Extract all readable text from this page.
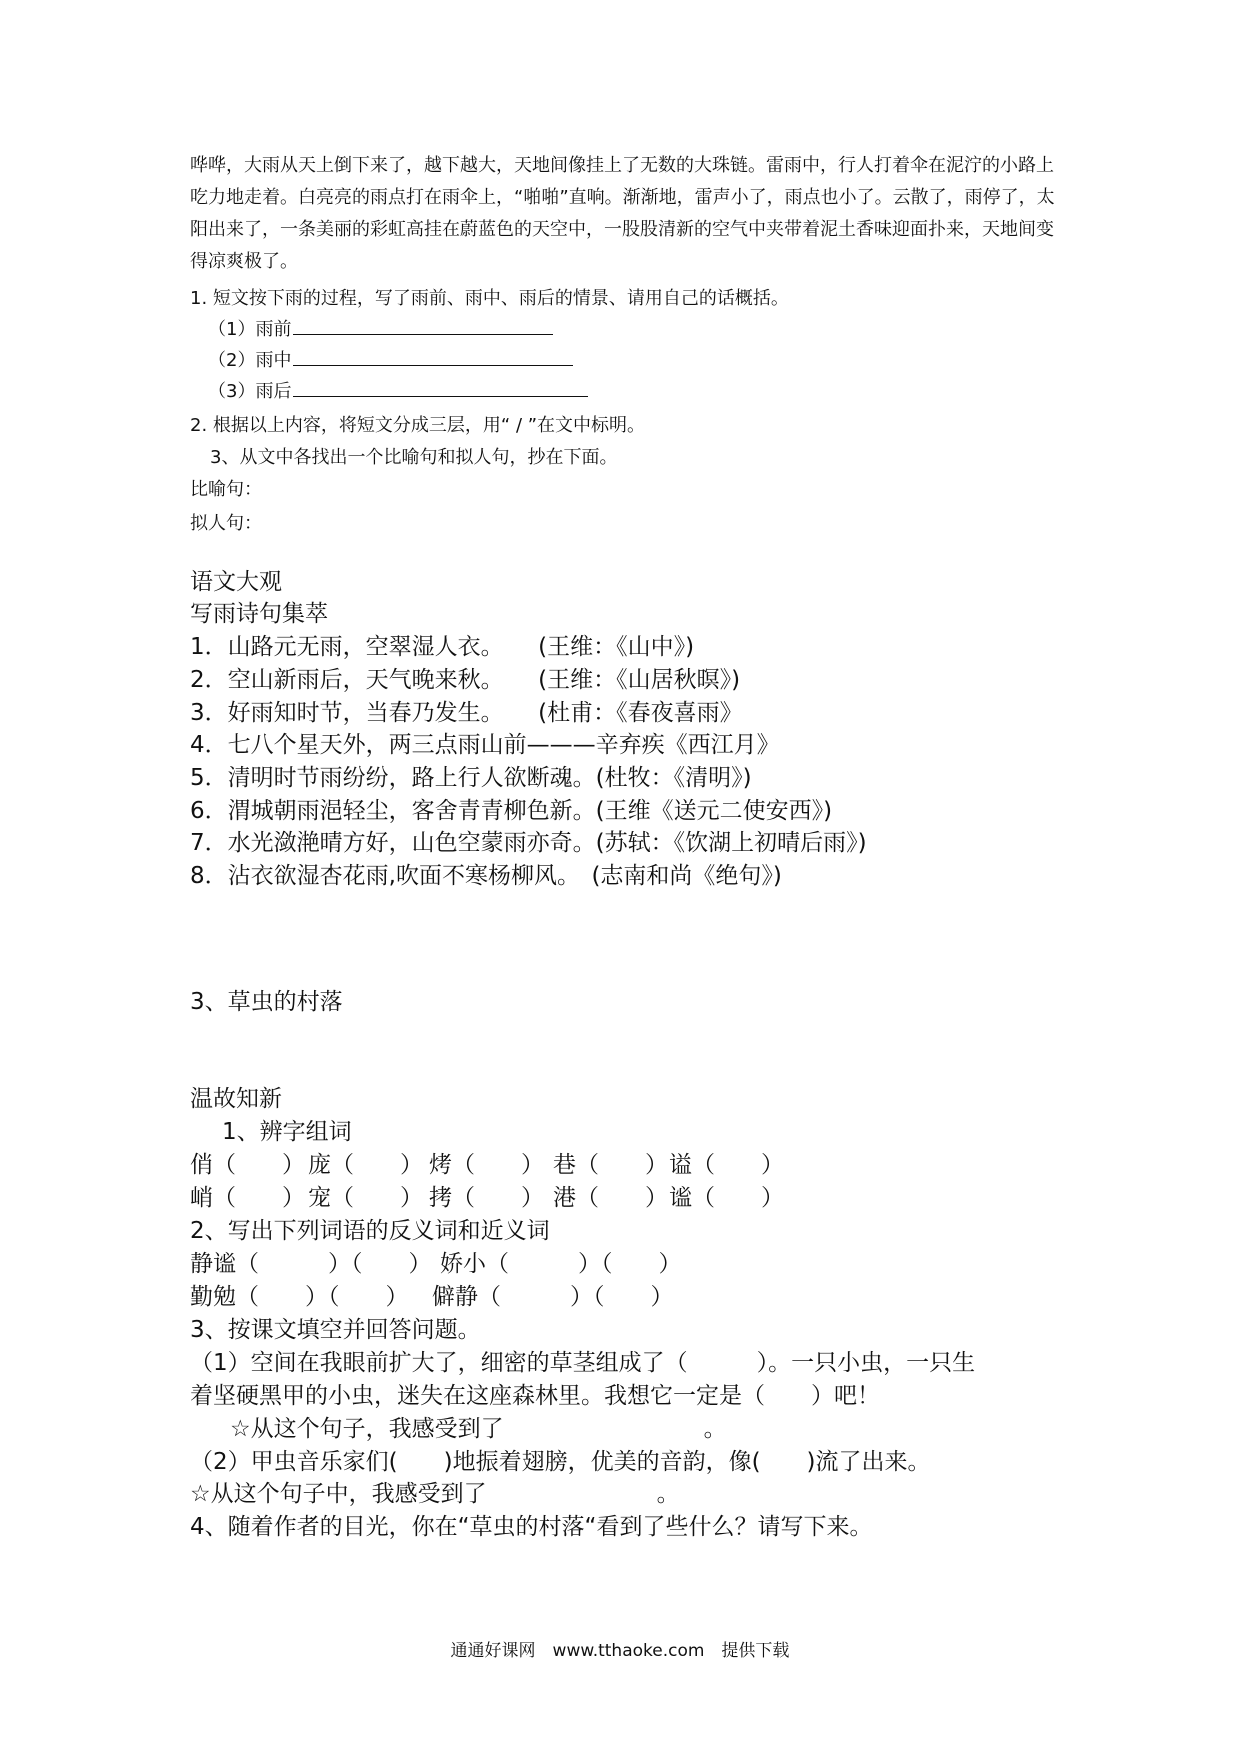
哗哗，大雨从天上倒下来了，越下越大，天地间像挂上了无数的大珠链。雷雨中，行人打着伞在泥泞的小路上吃力地走着。白亮亮的雨点打在雨伞上，“啪啪”直响。渐渐地，雷声小了，雨点也小了。云散了，雨停了，太阳出来了，一条美丽的彩虹高挂在蔚蓝色的天空中，一股股清新的空气中夹带着泥土香味迎面扑来，天地间变得凉爽极了。
1. 短文按下雨的过程，写了雨前、雨中、雨后的情景、请用自己的话概括。
（1）雨前
（2）雨中
（3）雨后
2. 根据以上内容，将短文分成三层，用“ / ”在文中标明。
3、从文中各找出一个比喻句和拟人句，抄在下面。
比喻句：
拟人句：
语文大观
写雨诗句集萃
1．山路元无雨，空翠湿人衣。　　(王维：《山中》)
2．空山新雨后，天气晚来秋。　　(王维：《山居秋暝》)
3．好雨知时节，当春乃发生。　　(杜甫：《春夜喜雨》
4．七八个星天外，两三点雨山前———辛弃疾《西江月》
5．清明时节雨纷纷，路上行人欲断魂。(杜牧：《清明》)
6．渭城朝雨浥轻尘，客舍青青柳色新。(王维《送元二使安西》)
7．水光潋滟晴方好，山色空蒙雨亦奇。(苏轼：《饮湖上初晴后雨》)
8．沾衣欲湿杏花雨,吹面不寒杨柳风。　(志南和尚《绝句》)
3、草虫的村落
温故知新
1、辨字组词
俏（　　） 庞（　　） 烤（　　） 巷（　　）谥（　　）
峭（　　） 宠（　　） 拷（　　） 港（　　）谧（　　）
2、写出下列词语的反义词和近义词
静谧（　　　）（　　） 娇小（　　　）（　　）
勤勉（　　）（　　） 僻静（　　　）（　　）
3、按课文填空并回答问题。
（1）空间在我眼前扩大了，细密的草茎组成了（　　　）。一只小虫，一只生
着坚硬黑甲的小虫，迷失在这座森林里。我想它一定是（　　）吧！
☆从这个句子，我感受到了	。
（2）甲虫音乐家们(　　)地振着翅膀，优美的音韵，像(　　)流了出来。
☆从这个句子中，我感受到了	。
4、随着作者的目光，你在“草虫的村落“看到了些什么？请写下来。
通通好课网　www.tthaoke.com　提供下载
